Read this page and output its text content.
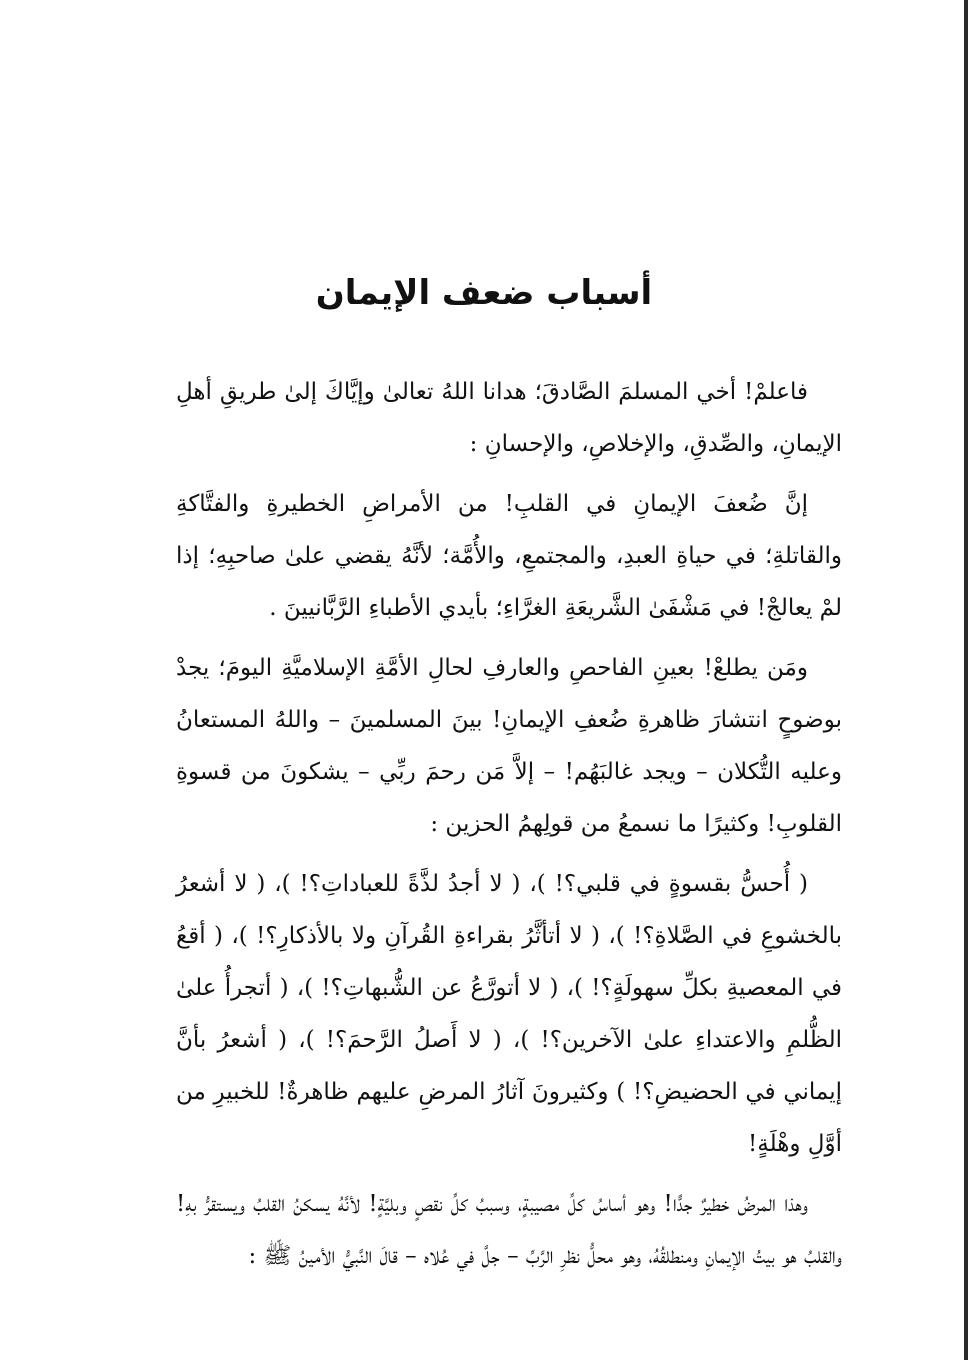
أسباب ضعف الإيمان

فاعلمْ! أخي المسلمَ الصَّادقَ؛ هدانا اللهُ تعالىٰ وإيَّاكَ إلىٰ طريقِ أهلِ الإيمانِ، والصِّدقِ، والإخلاصِ، والإحسانِ :

إنَّ ضُعفَ الإيمانِ في القلبِ! من الأمراضِ الخطيرةِ والفتَّاكةِ والقاتلةِ؛ في حياةِ العبدِ، والمجتمعِ، والأُمَّة؛ لأنَّهُ يقضي علىٰ صاحبِهِ؛ إذا لمْ يعالجْ! في مَشْفَىٰ الشَّريعَةِ الغرَّاءِ؛ بأيدي الأطباءِ الرَّبَّانيينَ .

ومَن يطلعْ! بعينِ الفاحصِ والعارفِ لحالِ الأمَّةِ الإسلاميَّةِ اليومَ؛ يجدْ بوضوحٍ انتشارَ ظاهرةِ ضُعفِ الإيمانِ! بينَ المسلمينَ – واللهُ المستعانُ وعليه التُّكلان – ويجد غالبَهُم! – إلاَّ مَن رحمَ ربِّي – يشكونَ من قسوةِ القلوبِ! وكثيرًا ما نسمعُ من قولِهمُ الحزين :

( أُحسُّ بقسوةٍ في قلبي؟! )، ( لا أجدُ لذَّةً للعباداتِ؟! )، ( لا أشعرُ بالخشوعِ في الصَّلاةِ؟! )، ( لا أتأثَّرُ بقراءةِ القُرآنِ ولا بالأذكارِ؟! )، ( أقعُ في المعصيةِ بكلِّ سهولَةٍ؟! )، ( لا أتورَّعُ عن الشُّبهاتِ؟! )، ( أتجرأُ علىٰ الظُّلمِ والاعتداءِ علىٰ الآخرين؟! )، ( لا أَصلُ الرَّحمَ؟! )، ( أشعرُ بأنَّ إيماني في الحضيضِ؟! ) وكثيرونَ آثارُ المرضِ عليهم ظاهرةٌ! للخبيرِ من أوَّلِ وهْلَةٍ!

وهذا المرضُ خطيرٌ جدًّا! وهو أساسُ كلِّ مصيبةٍ، وسببُ كلِّ نقصٍ وبليَّةٍ! لأنَّهُ يسكنُ القلبُ ويستقرُّ بهِ! والقلبُ هو بيتُ الإيمانِ ومنطلقُهُ، وهو محلُّ نظرِ الرَّبِّ – جلَّ في عُلاه – قالَ النَّبيُّ الأمينُ ﷺ :
